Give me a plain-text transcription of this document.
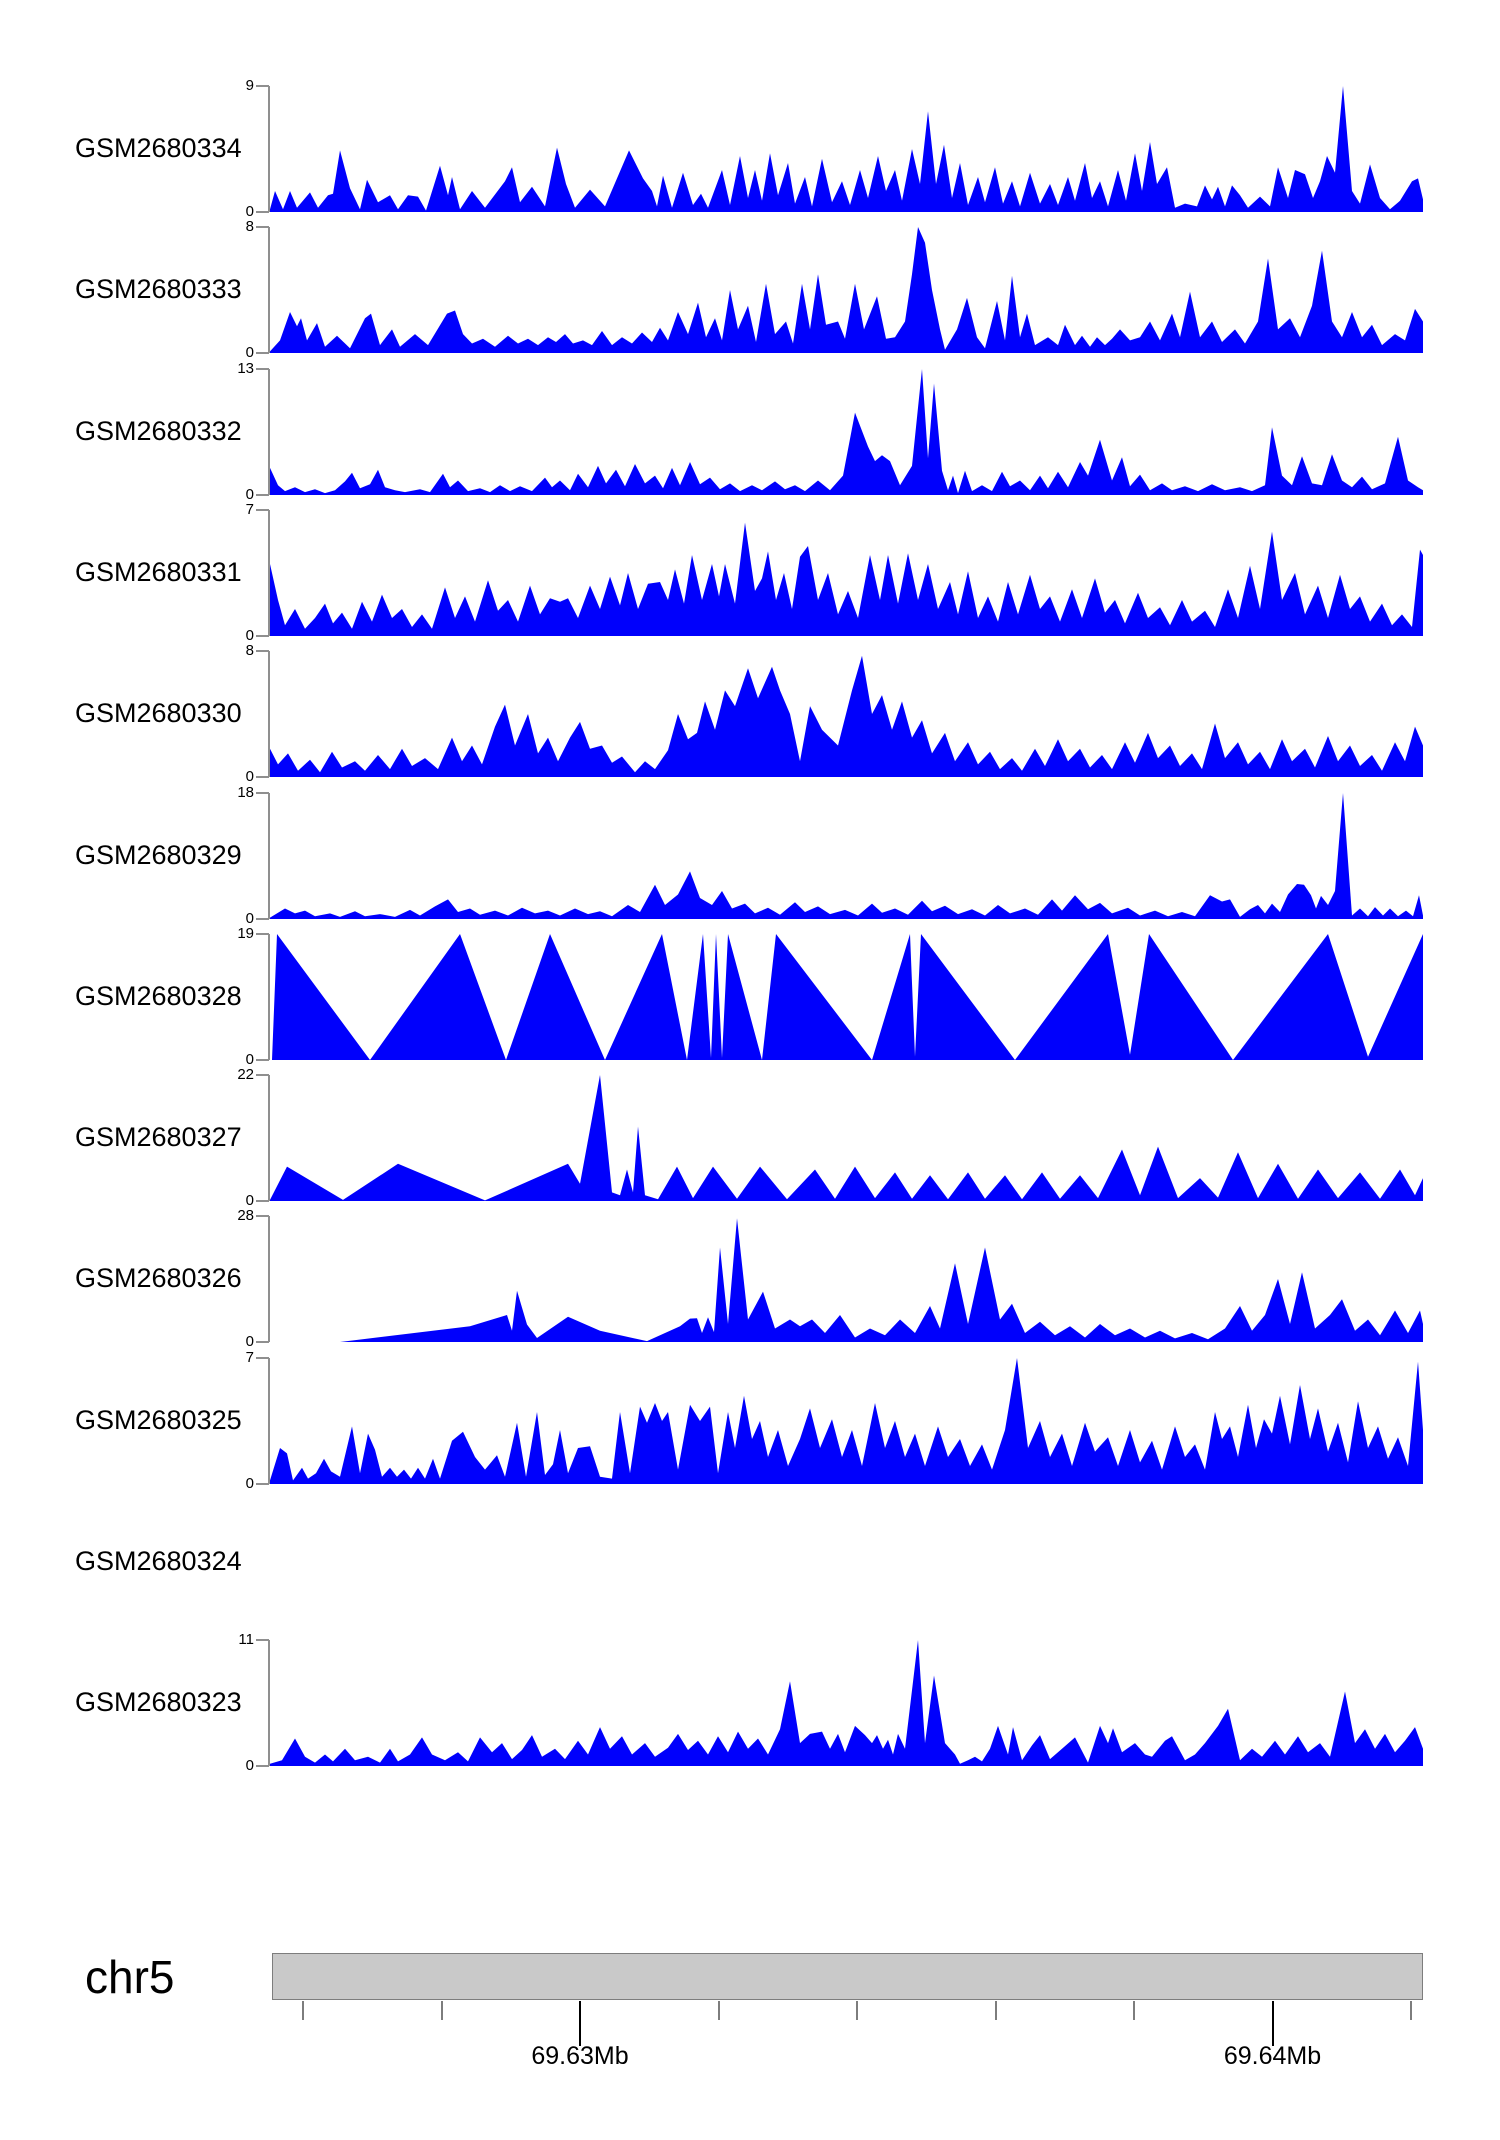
GSM2680334
9
0
GSM2680333
8
0
GSM2680332
13
0
GSM2680331
7
0
GSM2680330
8
0
GSM2680329
18
0
GSM2680328
19
0
GSM2680327
22
0
GSM2680326
28
0
GSM2680325
7
0
GSM2680324
GSM2680323
11
0
chr5
69.63Mb	69.64Mb
